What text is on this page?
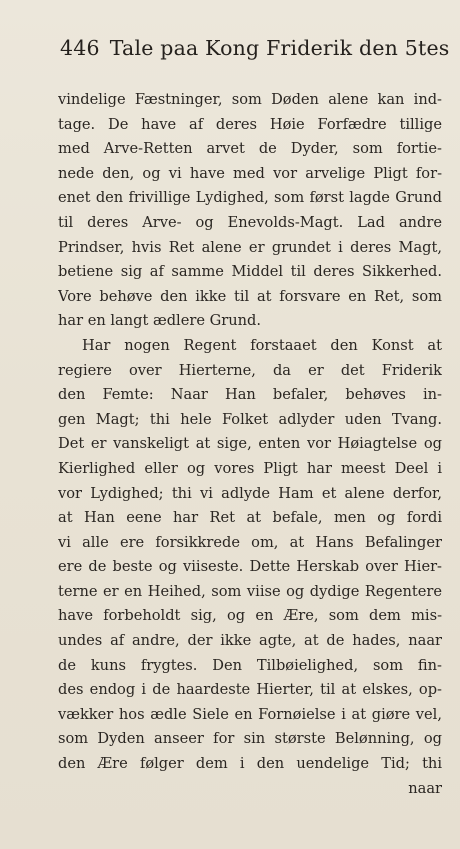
446 Tale paa Kong Friderik den 5tes
vindelige Fæstninger, som Døden alene kan ind-
tage. De have af deres Høie Forfædre tillige
med Arve-Retten arvet de Dyder, som fortie-
nede den, og vi have med vor arvelige Pligt for-
enet den frivillige Lydighed, som først lagde Grund
til deres Arve- og Enevolds-Magt. Lad andre
Prindser, hvis Ret alene er grundet i deres Magt,
betiene sig af samme Middel til deres Sikkerhed.
Vore behøve den ikke til at forsvare en Ret, som
har en langt ædlere Grund.
Har nogen Regent forstaaet den Konst at
regiere over Hierterne, da er det Friderik
den Femte: Naar Han befaler, behøves in-
gen Magt; thi hele Folket adlyder uden Tvang.
Det er vanskeligt at sige, enten vor Høiagtelse og
Kierlighed eller og vores Pligt har meest Deel i
vor Lydighed; thi vi adlyde Ham et alene derfor,
at Han eene har Ret at befale, men og fordi
vi alle ere forsikkrede om, at Hans Befalinger
ere de beste og viiseste. Dette Herskab over Hier-
terne er en Heihed, som viise og dydige Regentere
have forbeholdt sig, og en Ære, som dem mis-
undes af andre, der ikke agte, at de hades, naar
de kuns frygtes. Den Tilbøielighed, som fin-
des endog i de haardeste Hierter, til at elskes, op-
vækker hos ædle Siele en Fornøielse i at giøre vel,
som Dyden anseer for sin største Belønning, og
den Ære følger dem i den uendelige Tid; thi
naar
